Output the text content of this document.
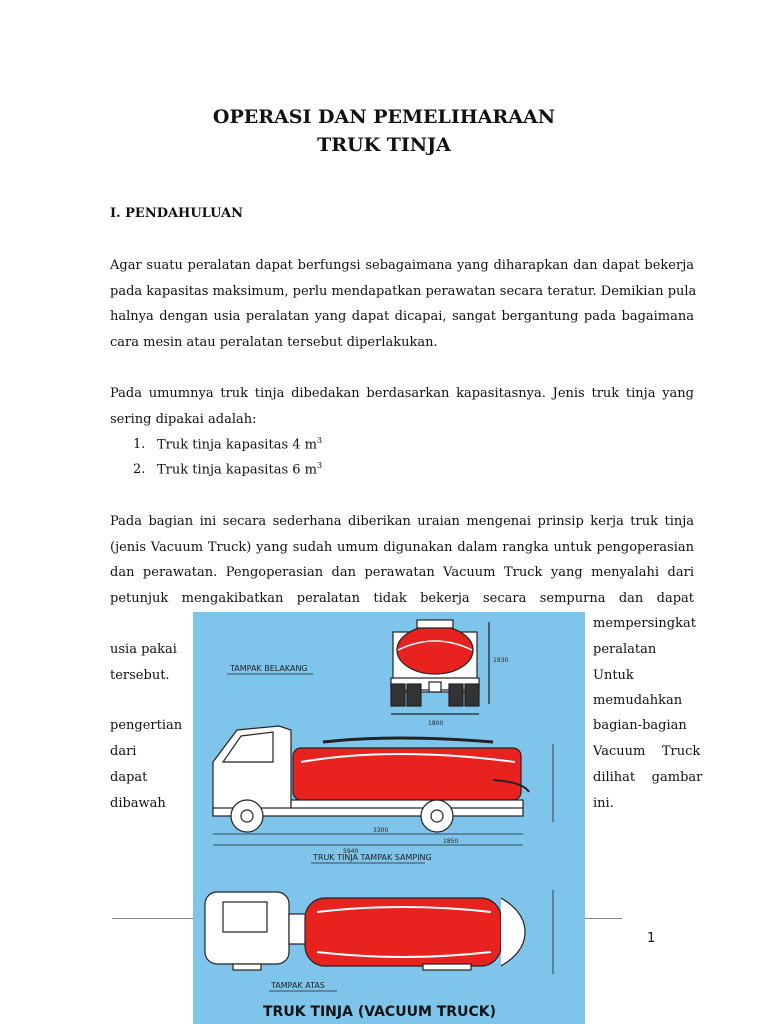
OPERASI DAN PEMELIHARAAN
TRUK TINJA
I. PENDAHULUAN
Agar suatu peralatan dapat berfungsi sebagaimana yang diharapkan dan dapat bekerja
pada kapasitas maksimum, perlu mendapatkan perawatan secara teratur. Demikian pula
halnya dengan usia peralatan yang dapat dicapai, sangat bergantung pada bagaimana
cara mesin atau peralatan tersebut diperlakukan.
Pada umumnya truk tinja dibedakan berdasarkan kapasitasnya. Jenis truk tinja yang
sering dipakai adalah:
1. Truk tinja kapasitas 4 $m^3$
2. Truk tinja kapasitas 6 $m^3$
Pada bagian ini secara sederhana diberikan uraian mengenai prinsip kerja truk tinja
(jenis Vacuum Truck) yang sudah umum digunakan dalam rangka untuk pengoperasian
dan perawatan. Pengoperasian dan perawatan Vacuum Truck yang menyalahi dari
petunjuk mengakibatkan peralatan tidak bekerja secara sempurna dan dapat
usia pakai
tersebut.
pengertian
dari
dapat
dibawah
mempersingkat
peralatan
Untuk
memudahkan
bagian-bagian
Vacuum    Truck
dilihat    gambar
ini.
1
TAMPAK BELAKANG
1800
1930
3300
1850
5940
TRUK TINJA TAMPAK SAMPING
TAMPAK ATAS
TRUK TINJA (VACUUM TRUCK)
